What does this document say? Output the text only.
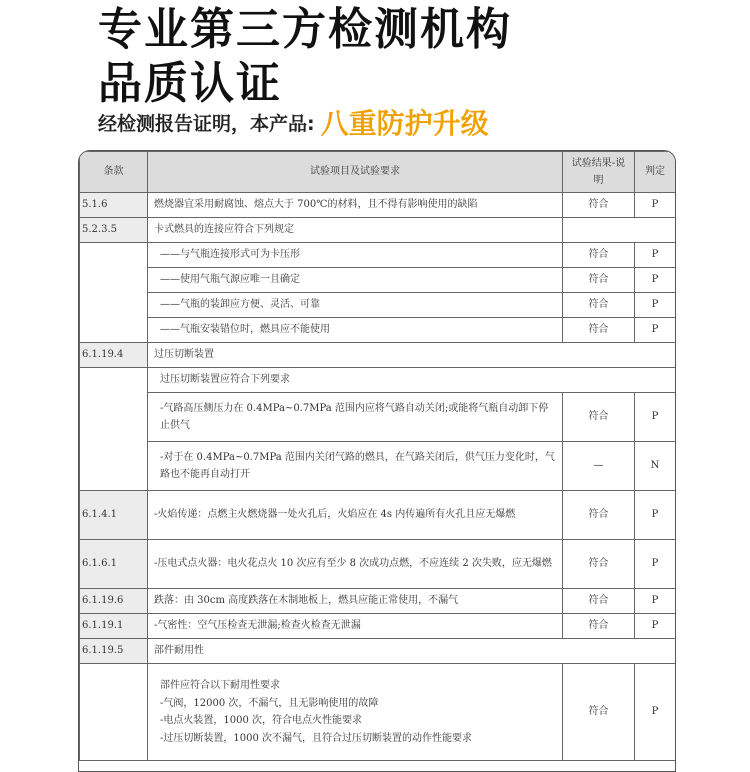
专业第三方检测机构
品质认证
经检测报告证明，本产品: 八重防护升级
条款	试验项目及试验要求	试验结果-说明	判定
5.1.6	燃烧器宜采用耐腐蚀、熔点大于 700℃的材料，且不得有影响使用的缺陷	符合	P
5.2.3.5	卡式燃具的连接应符合下列规定		
	——与气瓶连接形式可为卡压形	符合	P
	——使用气瓶气源应唯一且确定	符合	P
	——气瓶的装卸应方便、灵活、可靠	符合	P
	——气瓶安装错位时，燃具应不能使用	符合	P
6.1.19.4	过压切断装置		
	过压切断装置应符合下列要求		
	-气路高压侧压力在 0.4MPa~0.7MPa 范围内应将气路自动关闭;或能将气瓶自动卸下停止供气	符合	P
	-对于在 0.4MPa~0.7MPa 范围内关闭气路的燃具，在气路关闭后，供气压力变化时，气路也不能再自动打开	—	N
6.1.4.1	-火焰传递：点燃主火燃烧器一处火孔后，火焰应在 4s 内传遍所有火孔且应无爆燃	符合	P
6.1.6.1	-压电式点火器：电火花点火 10 次应有至少 8 次成功点燃，不应连续 2 次失败，应无爆燃	符合	P
6.1.19.6	跌落：由 30cm 高度跌落在木制地板上，燃具应能正常使用，不漏气	符合	P
6.1.19.1	-气密性：空气压检查无泄漏;检查火检查无泄漏	符合	P
6.1.19.5	部件耐用性		

	部件应符合以下耐用性要求
-气阀，12000 次，不漏气，且无影响使用的故障
-电点火装置，1000 次，符合电点火性能要求
-过压切断装置，1000 次不漏气，且符合过压切断装置的动作性能要求	符合	P
